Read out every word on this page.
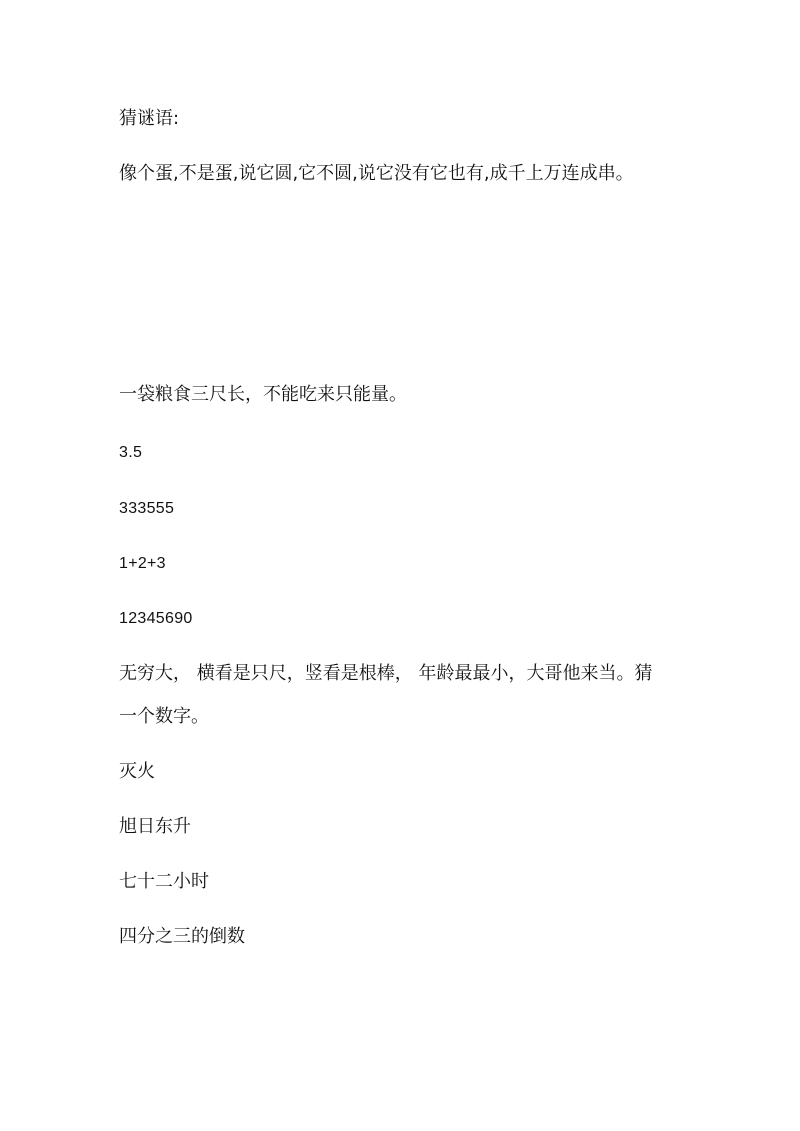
猜谜语:
像个蛋,不是蛋,说它圆,它不圆,说它没有它也有,成千上万连成串。
一袋粮食三尺长，不能吃来只能量。
3.5
333555
1+2+3
12345690
无穷大， 横看是只尺，竖看是根棒， 年龄最最小，大哥他来当。猜
一个数字。
灭火
旭日东升
七十二小时
四分之三的倒数
